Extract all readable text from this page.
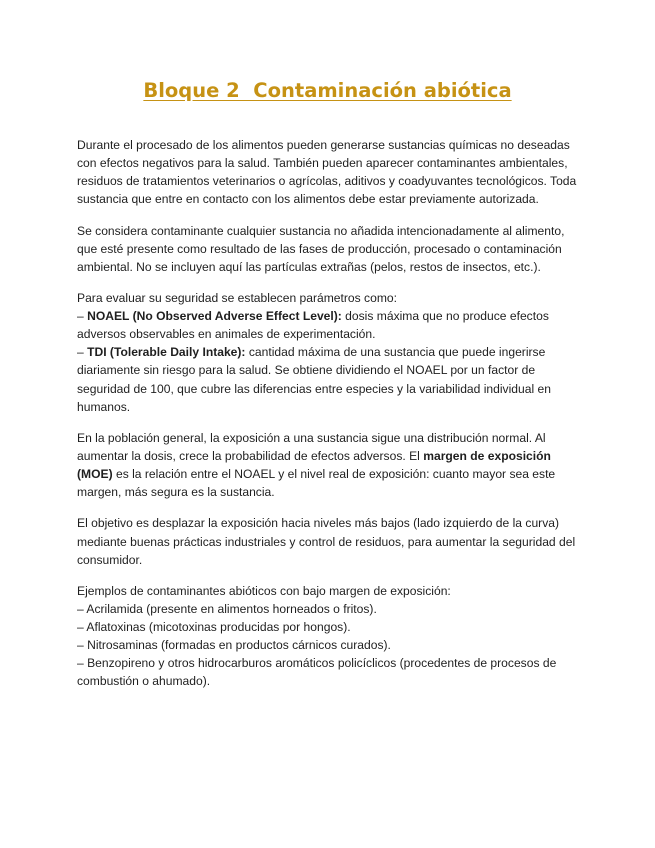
Bloque 2  Contaminación abiótica

Durante el procesado de los alimentos pueden generarse sustancias químicas no deseadas con efectos negativos para la salud. También pueden aparecer contaminantes ambientales, residuos de tratamientos veterinarios o agrícolas, aditivos y coadyuvantes tecnológicos. Toda sustancia que entre en contacto con los alimentos debe estar previamente autorizada.

Se considera contaminante cualquier sustancia no añadida intencionadamente al alimento, que esté presente como resultado de las fases de producción, procesado o contaminación ambiental. No se incluyen aquí las partículas extrañas (pelos, restos de insectos, etc.).

Para evaluar su seguridad se establecen parámetros como:
– NOAEL (No Observed Adverse Effect Level): dosis máxima que no produce efectos adversos observables en animales de experimentación.
– TDI (Tolerable Daily Intake): cantidad máxima de una sustancia que puede ingerirse diariamente sin riesgo para la salud. Se obtiene dividiendo el NOAEL por un factor de seguridad de 100, que cubre las diferencias entre especies y la variabilidad individual en humanos.

En la población general, la exposición a una sustancia sigue una distribución normal. Al aumentar la dosis, crece la probabilidad de efectos adversos. El margen de exposición (MOE) es la relación entre el NOAEL y el nivel real de exposición: cuanto mayor sea este margen, más segura es la sustancia.

El objetivo es desplazar la exposición hacia niveles más bajos (lado izquierdo de la curva) mediante buenas prácticas industriales y control de residuos, para aumentar la seguridad del consumidor.

Ejemplos de contaminantes abióticos con bajo margen de exposición:
– Acrilamida (presente en alimentos horneados o fritos).
– Aflatoxinas (micotoxinas producidas por hongos).
– Nitrosaminas (formadas en productos cárnicos curados).
– Benzopireno y otros hidrocarburos aromáticos policíclicos (procedentes de procesos de combustión o ahumado).
